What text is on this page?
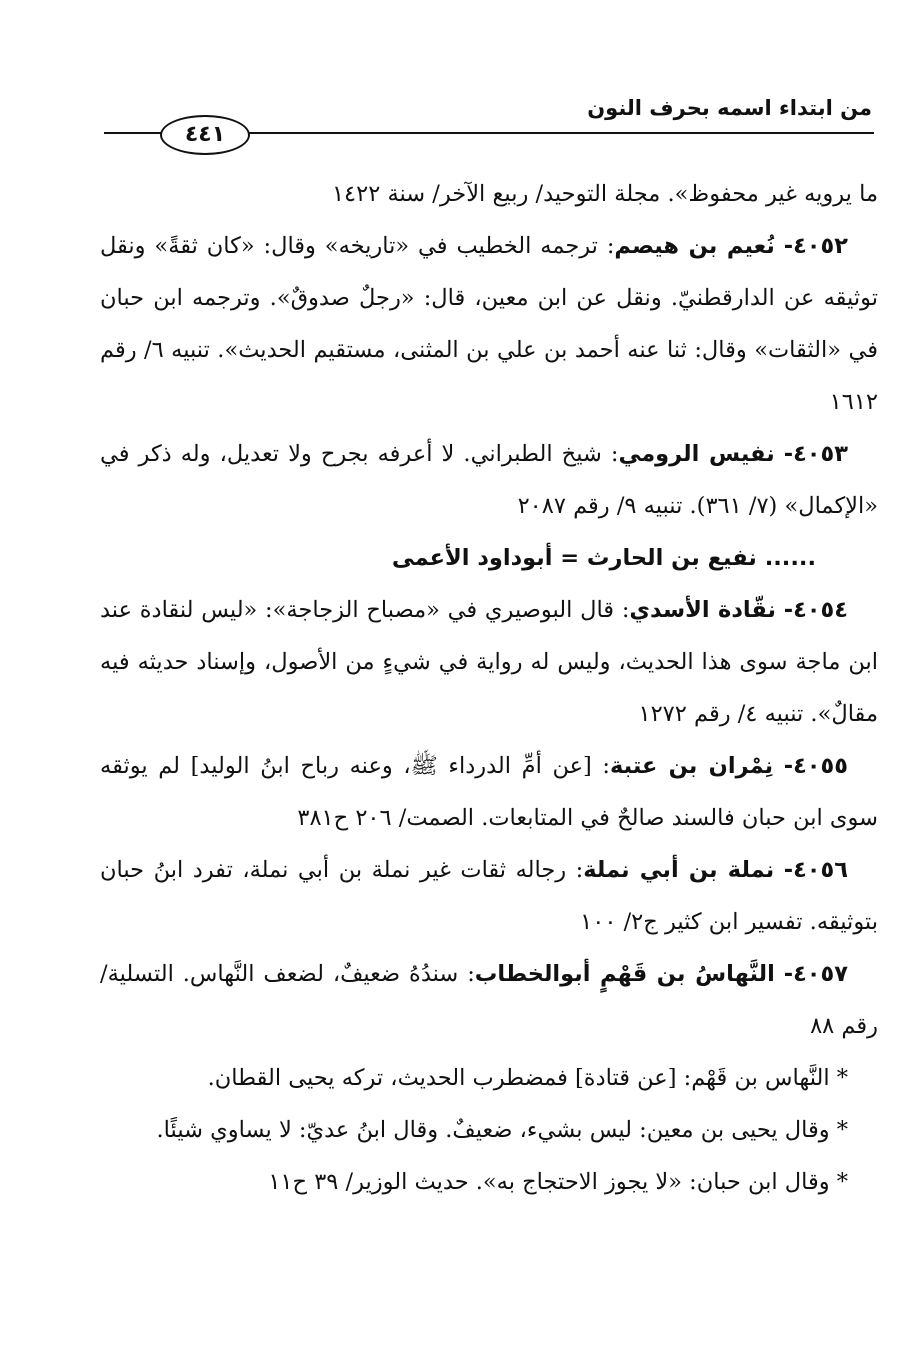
من ابتداء اسمه بحرف النون
٤٤١

ما يرويه غير محفوظ». مجلة التوحيد/ ربيع الآخر/ سنة ١٤٢٢

٤٠٥٢- نُعيم بن هيصم: ترجمه الخطيب في «تاريخه» وقال: «كان ثقةً» ونقل توثيقه عن الدارقطنيّ. ونقل عن ابن معين، قال: «رجلٌ صدوقٌ». وترجمه ابن حبان في «الثقات» وقال: ثنا عنه أحمد بن علي بن المثنى، مستقيم الحديث». تنبيه ٦/ رقم ١٦١٢

٤٠٥٣- نفيس الرومي: شيخ الطبراني. لا أعرفه بجرح ولا تعديل، وله ذكر في «الإكمال» (٧/ ٣٦١). تنبيه ٩/ رقم ٢٠٨٧

...... نفيع بن الحارث = أبوداود الأعمى

٤٠٥٤- نقّادة الأسدي: قال البوصيري في «مصباح الزجاجة»: «ليس لنقادة عند ابن ماجة سوى هذا الحديث، وليس له رواية في شيءٍ من الأصول، وإسناد حديثه فيه مقالٌ». تنبيه ٤/ رقم ١٢٧٢

٤٠٥٥- نِمْران بن عتبة: [عن أمِّ الدرداء ﷺ، وعنه رباح ابنُ الوليد] لم يوثقه سوى ابن حبان فالسند صالحٌ في المتابعات. الصمت/ ٢٠٦ ح٣٨١

٤٠٥٦- نملة بن أبي نملة: رجاله ثقات غير نملة بن أبي نملة، تفرد ابنُ حبان بتوثيقه. تفسير ابن كثير ج٢/ ١٠٠

٤٠٥٧- النَّهاسُ بن قَهْمٍ أبوالخطاب: سندُهُ ضعيفٌ، لضعف النَّهاس. التسلية/ رقم ٨٨

* النَّهاس بن قَهْم: [عن قتادة] فمضطرب الحديث، تركه يحيى القطان.

* وقال يحيى بن معين: ليس بشيء، ضعيفٌ. وقال ابنُ عديّ: لا يساوي شيئًا.

* وقال ابن حبان: «لا يجوز الاحتجاج به». حديث الوزير/ ٣٩ ح١١
